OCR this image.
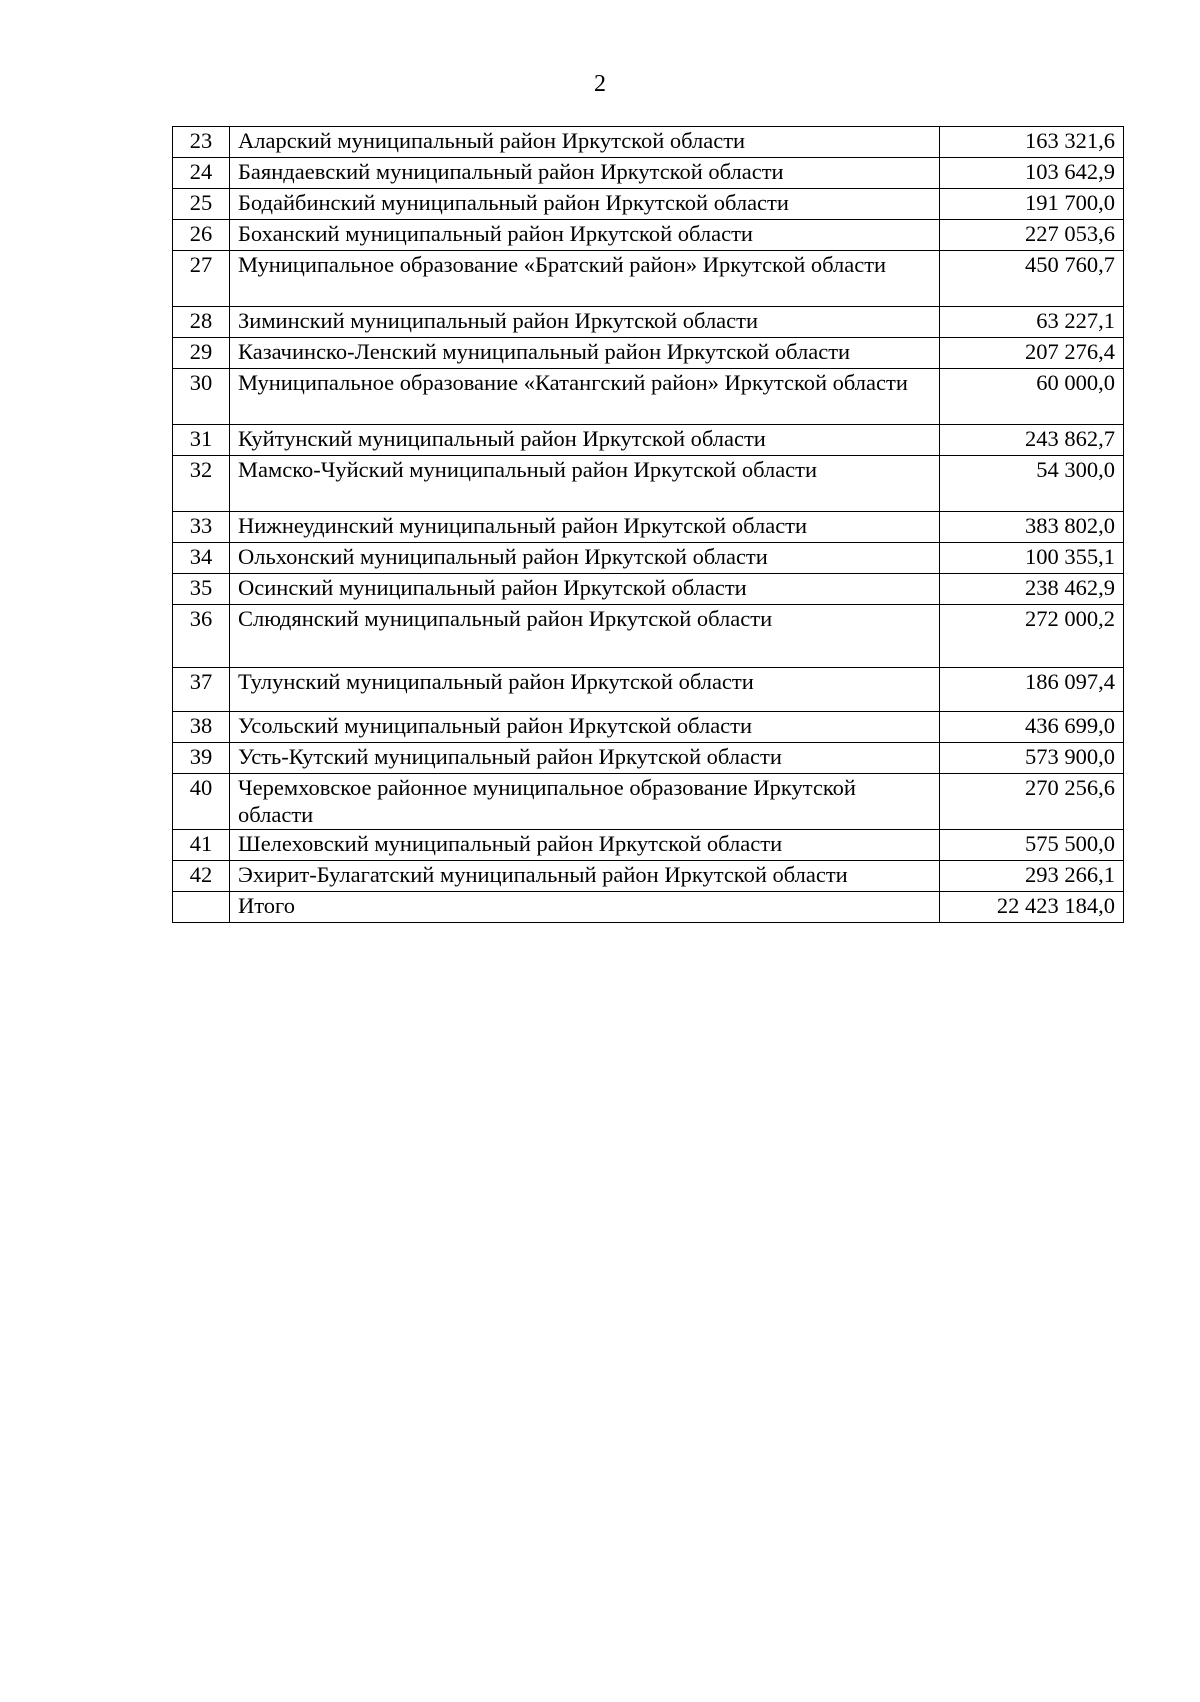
2
23	Аларский муниципальный район Иркутской области	163 321,6
24	Баяндаевский муниципальный район Иркутской области	103 642,9
25	Бодайбинский муниципальный район Иркутской области	191 700,0
26	Боханский муниципальный район Иркутской области	227 053,6
27	Муниципальное образование «Братский район» Иркутской области	450 760,7
28	Зиминский муниципальный район Иркутской области	63 227,1
29	Казачинско-Ленский муниципальный район Иркутской области	207 276,4
30	Муниципальное образование «Катангский район» Иркутской области	60 000,0
31	Куйтунский муниципальный район Иркутской области	243 862,7
32	Мамско-Чуйский муниципальный район Иркутской области	54 300,0
33	Нижнеудинский муниципальный район Иркутской области	383 802,0
34	Ольхонский муниципальный район Иркутской области	100 355,1
35	Осинский муниципальный район Иркутской области	238 462,9
36	Слюдянский муниципальный район Иркутской области	272 000,2
37	Тулунский муниципальный район Иркутской области	186 097,4
38	Усольский муниципальный район Иркутской области	436 699,0
39	Усть-Кутский муниципальный район Иркутской области	573 900,0
40	Черемховское районное муниципальное образование Иркутской области	270 256,6
41	Шелеховский муниципальный район Иркутской области	575 500,0
42	Эхирит-Булагатский муниципальный район Иркутской области	293 266,1
	Итого	22 423 184,0
